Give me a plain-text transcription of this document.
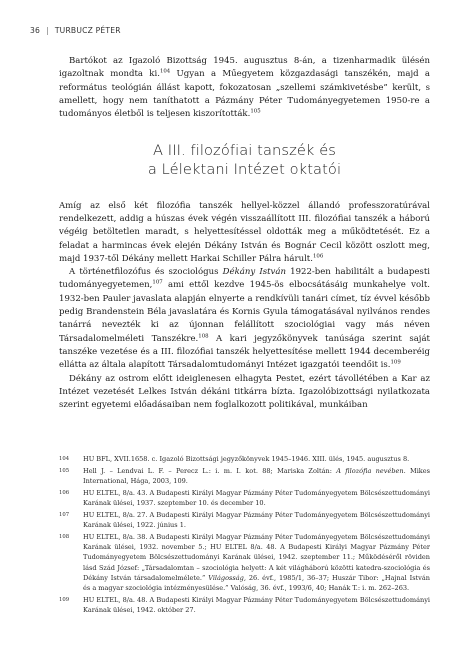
36 | TURBUCZ PÉTER

Bartókot az Igazoló Bizottság 1945. augusztus 8-án, a tizenharmadik ülésén igazoltnak mondta ki.$^{104}$ Ugyan a Műegyetem közgazdasági tanszékén, majd a református teológián állást kapott, fokozatosan „szellemi számkivetésbe” került, s amellett, hogy nem taníthatott a Pázmány Péter Tudományegyetemen 1950-re a tudományos életből is teljesen kiszorították.$^{105}$

A III. filozófiai tanszék és
a Lélektani Intézet oktatói

Amíg az első két filozófia tanszék hellyel-közzel állandó professzoratúrával rendelkezett, addig a húszas évek végén visszaállított III. filozófiai tanszék a háború végéig betöltetlen maradt, s helyettesítéssel oldották meg a működtetését. Ez a feladat a harmincas évek elején Dékány István és Bognár Cecil között oszlott meg, majd 1937-től Dékány mellett Harkai Schiller Pálra hárult.$^{106}$

A történetfilozófus és szociológus Dékány István 1922-ben habilitált a budapesti tudományegyetemen,$^{107}$ ami ettől kezdve 1945-ös elbocsátásáig munkahelye volt. 1932-ben Pauler javaslata alapján elnyerte a rendkívüli tanári címet, tíz évvel később pedig Brandenstein Béla javaslatára és Kornis Gyula támogatásával nyilvános rendes tanárrá nevezték ki az újonnan felállított szociológiai vagy más néven Társadalomelméleti Tanszékre.$^{108}$ A kari jegyzőkönyvek tanúsága szerint saját tanszéke vezetése és a III. filozófiai tanszék helyettesítése mellett 1944 decemberéig ellátta az általa alapított Társadalomtudományi Intézet igazgatói teendőit is.$^{109}$

Dékány az ostrom előtt ideiglenesen elhagyta Pestet, ezért távollétében a Kar az Intézet vezetését Lelkes István dékáni titkárra bízta. Igazolóbizottsági nyilatkozata szerint egyetemi előadásaiban nem foglalkozott politikával, munkáiban

104 HU BFL, XVII.1658. c. Igazoló Bizottsági jegyzőkönyvek 1945–1946. XIII. ülés, 1945. augusztus 8.
105 Hell J. – Lendvai L. F. – Perecz L.: i. m. I. kot. 88; Mariska Zoltán: A filozófia nevében. Mikes International, Hága, 2003, 109.
106 HU ELTEL, 8/a. 43. A Budapesti Királyi Magyar Pázmány Péter Tudományegyetem Bölcsészettudományi Karának ülései, 1937. szeptember 10. és december 10.
107 HU ELTEL, 8/a. 27. A Budapesti Királyi Magyar Pázmány Péter Tudományegyetem Bölcsészettudományi Karának ülései, 1922. június 1.
108 HU ELTEL, 8/a. 38. A Budapesti Királyi Magyar Pázmány Péter Tudományegyetem Bölcsészettudományi Karának ülései, 1932. november 5.; HU ELTEL 8/a. 48. A Budapesti Királyi Magyar Pázmány Péter Tudományegyetem Bölcsészettudományi Karának ülései, 1942. szeptember 11.; Működéséről röviden lásd Szád József: „Társadalomtan – szociológia helyett: A két világháború közötti katedra-szociológia és Dékány István társadalomelmélete.” Világosság, 26. évf., 1985/1, 36–37; Huszár Tibor: „Hajnal István és a magyar szociológia intézményesülése.” Valóság, 36. évf., 1993/6, 40; Hanák T.: i. m. 262–263.
109 HU ELTEL, 8/a. 48. A Budapesti Királyi Magyar Pázmány Péter Tudományegyetem Bölcsészettudományi Karának ülései, 1942. október 27.
